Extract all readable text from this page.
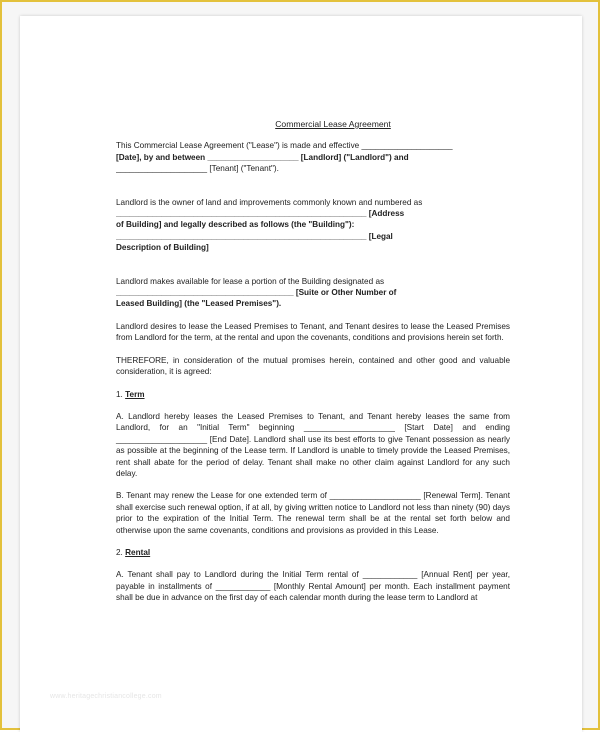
Commercial Lease Agreement
This Commercial Lease Agreement ("Lease") is made and effective ____________________
[Date], by and between ____________________ [Landlord] ("Landlord") and
____________________ [Tenant] ("Tenant").
Landlord is the owner of land and improvements commonly known and numbered as
_______________________________________________________ [Address
of Building] and legally described as follows (the "Building"):
_______________________________________________________ [Legal
Description of Building]
Landlord makes available for lease a portion of the Building designated as
_______________________________________ [Suite or Other Number of
Leased Building] (the "Leased Premises").
Landlord desires to lease the Leased Premises to Tenant, and Tenant desires to lease the Leased Premises from Landlord for the term, at the rental and upon the covenants, conditions and provisions herein set forth.
THEREFORE, in consideration of the mutual promises herein, contained and other good and valuable consideration, it is agreed:
1. Term
A. Landlord hereby leases the Leased Premises to Tenant, and Tenant hereby leases the same from Landlord, for an "Initial Term" beginning ____________________ [Start Date] and ending ____________________ [End Date]. Landlord shall use its best efforts to give Tenant possession as nearly as possible at the beginning of the Lease term. If Landlord is unable to timely provide the Leased Premises, rent shall abate for the period of delay. Tenant shall make no other claim against Landlord for any such delay.
B. Tenant may renew the Lease for one extended term of ____________________ [Renewal Term]. Tenant shall exercise such renewal option, if at all, by giving written notice to Landlord not less than ninety (90) days prior to the expiration of the Initial Term. The renewal term shall be at the rental set forth below and otherwise upon the same covenants, conditions and provisions as provided in this Lease.
2. Rental
A. Tenant shall pay to Landlord during the Initial Term rental of ____________ [Annual Rent] per year, payable in installments of ____________ [Monthly Rental Amount] per month. Each installment payment shall be due in advance on the first day of each calendar month during the lease term to Landlord at
www.heritagechristiancollege.com
